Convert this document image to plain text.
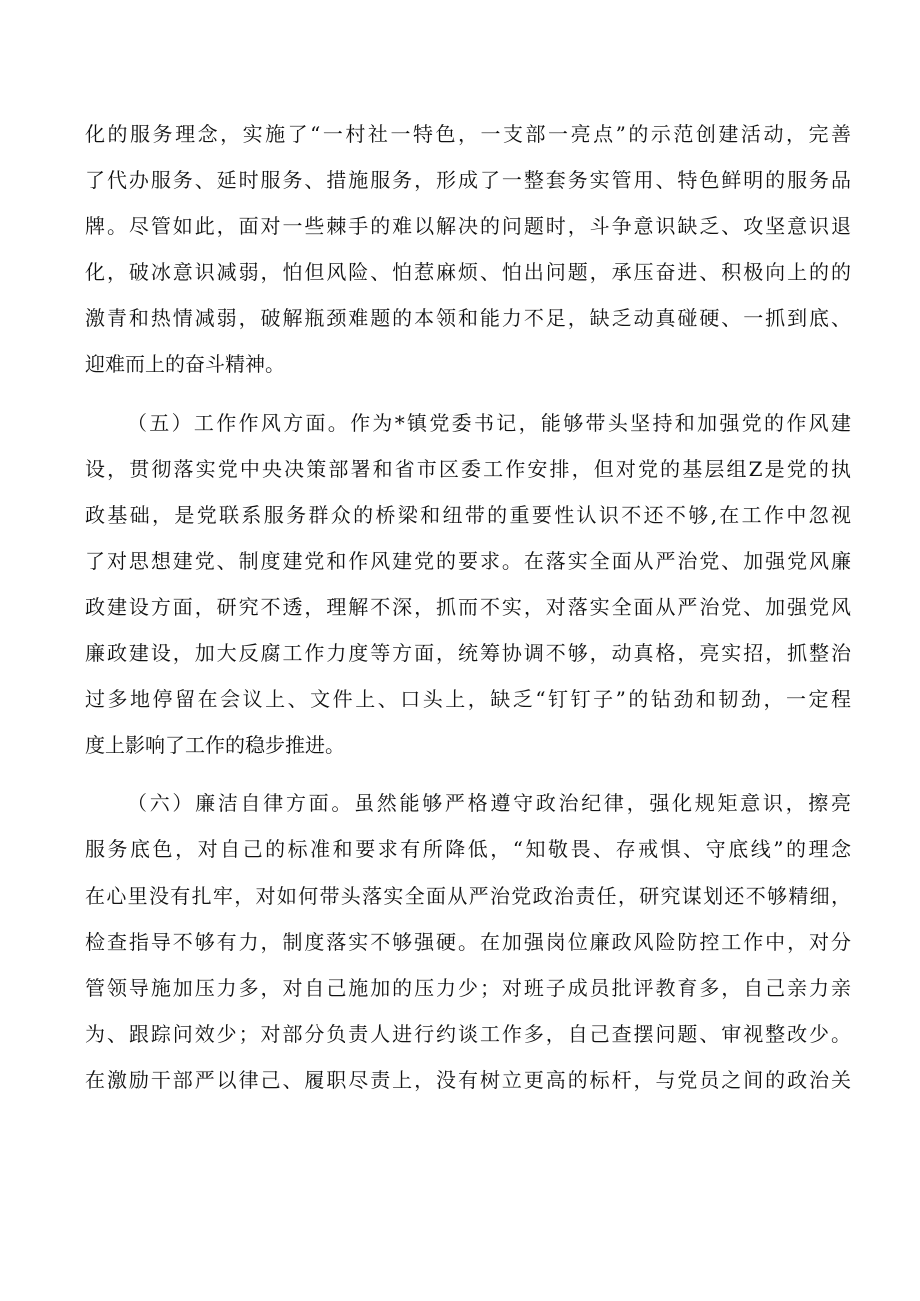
化的服务理念，实施了“一村社一特色，一支部一亮点”的示范创建活动，完善
了代办服务、延时服务、措施服务，形成了一整套务实管用、特色鲜明的服务品
牌。尽管如此，面对一些棘手的难以解决的问题时，斗争意识缺乏、攻坚意识退
化，破冰意识减弱，怕但风险、怕惹麻烦、怕出问题，承压奋进、积极向上的的
激青和热情减弱，破解瓶颈难题的本领和能力不足，缺乏动真碰硬、一抓到底、
迎难而上的奋斗精神。
（五）工作作风方面。作为*镇党委书记，能够带头坚持和加强党的作风建
设，贯彻落实党中央决策部署和省市区委工作安排，但对党的基层组Z是党的执
政基础，是党联系服务群众的桥梁和纽带的重要性认识不还不够,在工作中忽视
了对思想建党、制度建党和作风建党的要求。在落实全面从严治党、加强党风廉
政建设方面，研究不透，理解不深，抓而不实，对落实全面从严治党、加强党风
廉政建设，加大反腐工作力度等方面，统筹协调不够，动真格，亮实招，抓整治
过多地停留在会议上、文件上、口头上，缺乏“钉钉子”的钻劲和韧劲，一定程
度上影响了工作的稳步推进。
（六）廉洁自律方面。虽然能够严格遵守政治纪律，强化规矩意识，擦亮
服务底色，对自己的标准和要求有所降低，“知敬畏、存戒惧、守底线”的理念
在心里没有扎牢，对如何带头落实全面从严治党政治责任，研究谋划还不够精细，
检查指导不够有力，制度落实不够强硬。在加强岗位廉政风险防控工作中，对分
管领导施加压力多，对自己施加的压力少；对班子成员批评教育多，自己亲力亲
为、跟踪问效少；对部分负责人进行约谈工作多，自己查摆问题、审视整改少。
在激励干部严以律己、履职尽责上，没有树立更高的标杆，与党员之间的政治关
